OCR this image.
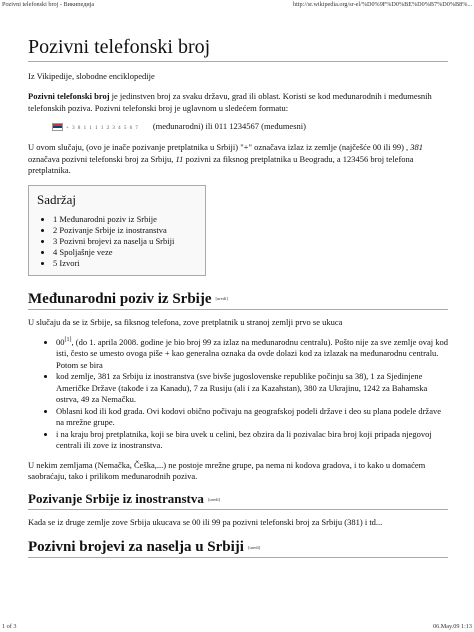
Pozivni telefonski broj - Википедија	http://sr.wikipedia.org/sr-el/%D0%9F%D0%BE%D0%B7%D0%B8%...
Pozivni telefonski broj
Iz Vikipedije, slobodne enciklopedije

Pozivni telefonski broj je jedinstven broj za svaku državu, grad ili oblast. Koristi se kod međunarodnih i međumesnih telefonskih poziva. Pozivni telefonski broj je uglavnom u sledećem formatu:

+ 3 8 1 1 1 1 2 3 4 5 6 7 (međunarodni) ili 011 1234567 (međumesni)

U ovom slučaju, (ovo je inače pozivanje pretplatnika u Srbiji) "+" označava izlaz iz zemlje (najčešće 00 ili 99) , 381 označava pozivni telefonski broj za Srbiju, 11 pozivni za fiksnog pretplatnika u Beogradu, a 123456 broj telefona pretplatnika.

Sadržaj
• 1 Međunarodni poziv iz Srbije
• 2 Pozivanje Srbije iz inostranstva
• 3 Pozivni brojevi za naselja u Srbiji
• 4 Spoljašnje veze
• 5 Izvori
Međunarodni poziv iz Srbije [uredi]

U slučaju da se iz Srbije, sa fiksnog telefona, zove pretplatnik u stranoj zemlji prvo se ukuca

• 00[1], (do 1. aprila 2008. godine je bio broj 99 za izlaz na međunarodnu centralu). Pošto nije za sve zemlje ovaj kod isti, često se umesto ovoga piše + kao generalna oznaka da ovde dolazi kod za izlazak na međunarodnu centralu. Potom se bira
• kod zemlje, 381 za Srbiju iz inostranstva (sve bivše jugoslovenske republike počinju sa 38), 1 za Sjedinjene Američke Države (takođe i za Kanadu), 7 za Rusiju (ali i za Kazahstan), 380 za Ukrajinu, 1242 za Bahamska ostrva, 49 za Nemačku.
• Oblasni kod ili kod grada. Ovi kodovi obično počivaju na geografskoj podeli države i deo su plana podele države na mrežne grupe.
• i na kraju broj pretplatnika, koji se bira uvek u celini, bez obzira da li pozivalac bira broj koji pripada njegovoj centrali ili zove iz inostranstva.

U nekim zemljama (Nemačka, Češka,...) ne postoje mrežne grupe, pa nema ni kodova gradova, i to kako u domaćem saobraćaju, tako i prilikom međunarodnih poziva.

Pozivanje Srbije iz inostranstva [uredi]

Kada se iz druge zemlje zove Srbija ukucava se 00 ili 99 pa pozivni telefonski broj za Srbiju (381) i td...

Pozivni brojevi za naselja u Srbiji [uredi]
1 of 3	06.May.09 1:13
